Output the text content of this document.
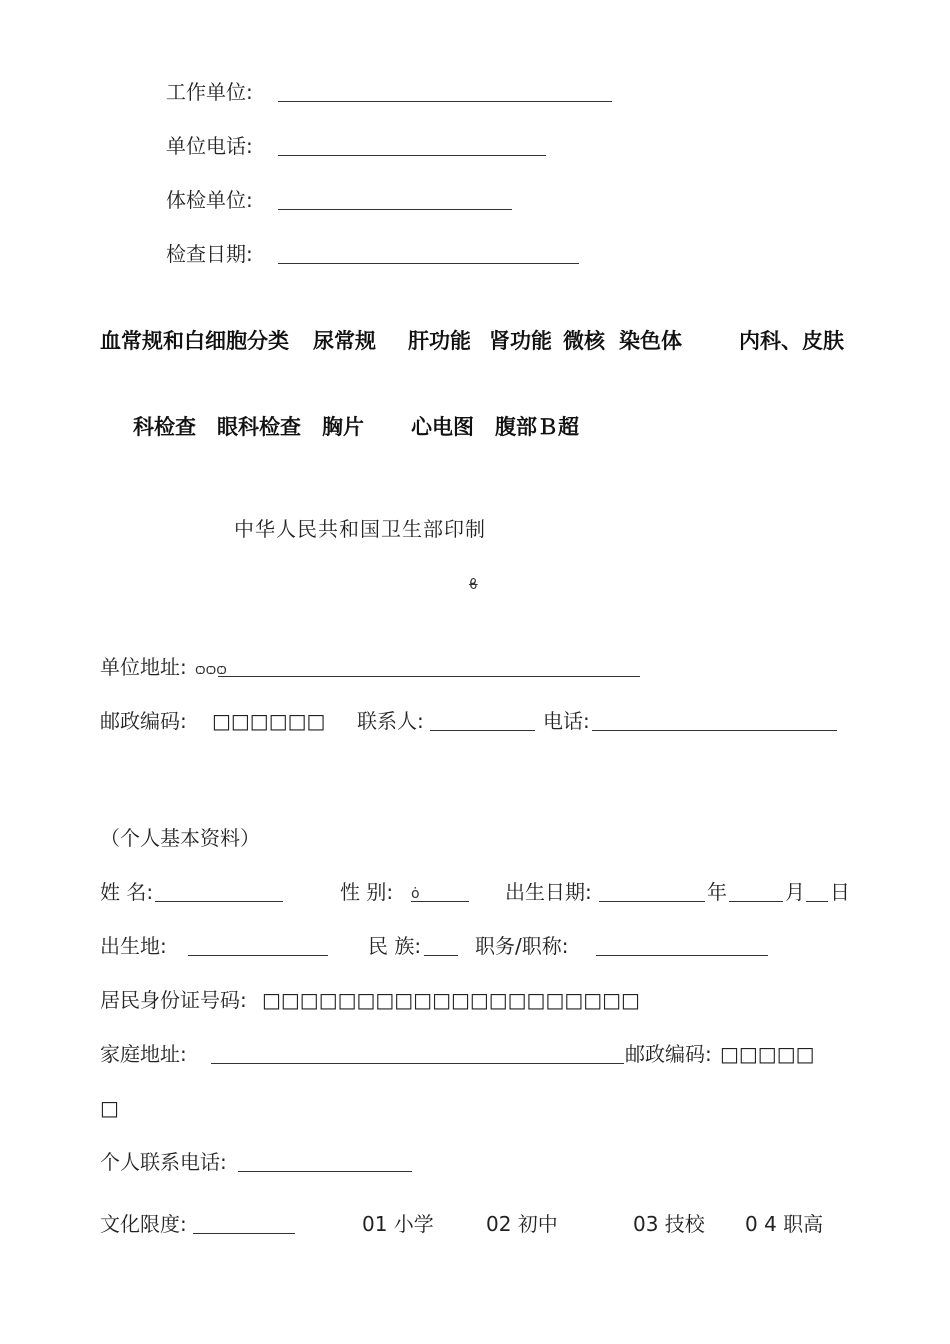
工作单位:
单位电话:
体检单位:
检查日期:
血常规和白细胞分类 尿常规 肝功能 肾功能 微核 染色体	内科、皮肤
科检查 眼科检查 胸片 心电图 腹部Ｂ超
中华人民共和国卫生部印制
ϐ
单位地址: ѻѻѻ
邮政编码: □□□□□□ 联系人:	电话:
（个人基本资料）
姓 名:	性 别: ȯ	出生日期:	年	月 日
出生地:	民 族:	职务/职称:
居民身份证号码: □□□□□□□□□□□□□□□□□□□□
家庭地址:	邮政编码: □□□□□
□
个人联系电话:
文化限度:	01 小学	02 初中	03 技校 0 4 职高
